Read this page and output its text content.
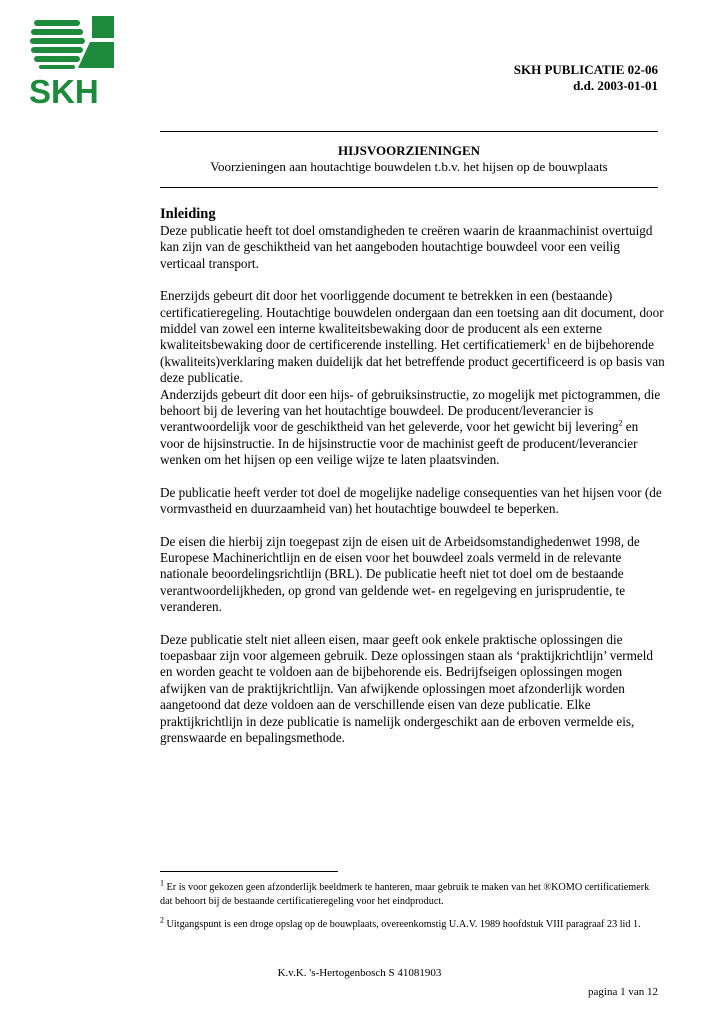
SKH
SKH PUBLICATIE 02-06
d.d. 2003-01-01
HIJSVOORZIENINGEN
Voorzieningen aan houtachtige bouwdelen t.b.v. het hijsen op de bouwplaats
Inleiding

Deze publicatie heeft tot doel omstandigheden te creëren waarin de kraanmachinist overtuigd kan zijn van de geschiktheid van het aangeboden houtachtige bouwdeel voor een veilig verticaal transport.

Enerzijds gebeurt dit door het voorliggende document te betrekken in een (bestaande) certificatieregeling. Houtachtige bouwdelen ondergaan dan een toetsing aan dit document, door middel van zowel een interne kwaliteitsbewaking door de producent als een externe kwaliteitsbewaking door de certificerende instelling. Het certificatiemerk$^1$ en de bijbehorende (kwaliteits)verklaring maken duidelijk dat het betreffende product gecertificeerd is op basis van deze publicatie.

Anderzijds gebeurt dit door een hijs- of gebruiksinstructie, zo mogelijk met pictogrammen, die behoort bij de levering van het houtachtige bouwdeel. De producent/leverancier is verantwoordelijk voor de geschiktheid van het geleverde, voor het gewicht bij levering$^2$ en voor de hijsinstructie. In de hijsinstructie voor de machinist geeft de producent/leverancier wenken om het hijsen op een veilige wijze te laten plaatsvinden.

De publicatie heeft verder tot doel de mogelijke nadelige consequenties van het hijsen voor (de vormvastheid en duurzaamheid van) het houtachtige bouwdeel te beperken.

De eisen die hierbij zijn toegepast zijn de eisen uit de Arbeidsomstandighedenwet 1998, de Europese Machinerichtlijn en de eisen voor het bouwdeel zoals vermeld in de relevante nationale beoordelingsrichtlijn (BRL). De publicatie heeft niet tot doel om de bestaande verantwoordelijkheden, op grond van geldende wet- en regelgeving en jurisprudentie, te veranderen.

Deze publicatie stelt niet alleen eisen, maar geeft ook enkele praktische oplossingen die toepasbaar zijn voor algemeen gebruik. Deze oplossingen staan als ‘praktijkrichtlijn’ vermeld en worden geacht te voldoen aan de bijbehorende eis. Bedrijfseigen oplossingen mogen afwijken van de praktijkrichtlijn. Van afwijkende oplossingen moet afzonderlijk worden aangetoond dat deze voldoen aan de verschillende eisen van deze publicatie. Elke praktijkrichtlijn in deze publicatie is namelijk ondergeschikt aan de erboven vermelde eis, grenswaarde en bepalingsmethode.

$^1$ Er is voor gekozen geen afzonderlijk beeldmerk te hanteren, maar gebruik te maken van het ®KOMO certificatiemerk dat behoort bij de bestaande certificatieregeling voor het eindproduct.
$^2$ Uitgangspunt is een droge opslag op de bouwplaats, overeenkomstig U.A.V. 1989 hoofdstuk VIII paragraaf 23 lid 1.
K.v.K. 's-Hertogenbosch S 41081903
pagina 1 van 12
